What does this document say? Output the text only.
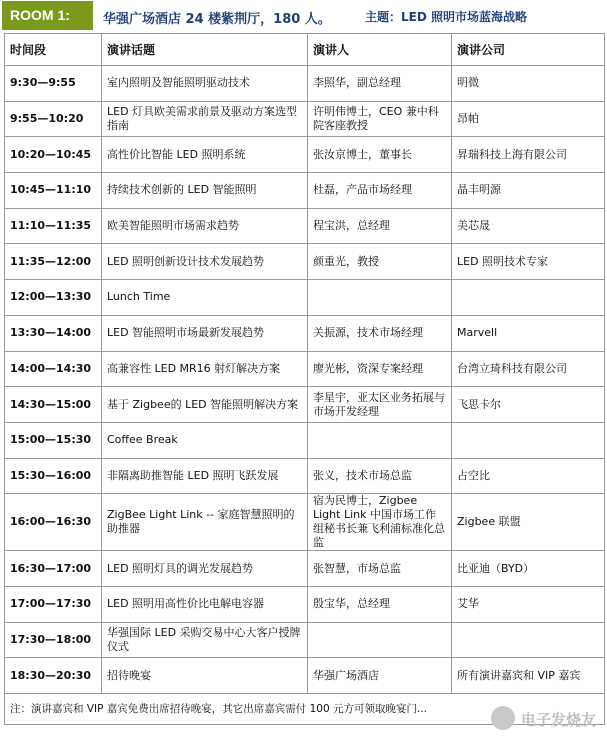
ROOM 1:	华强广场酒店 24 楼紫荆厅，180 人。	主题：LED 照明市场蓝海战略
时间段	演讲话题	演讲人	演讲公司
9:30—9:55	室内照明及智能照明驱动技术	李照华，副总经理	明微
9:55—10:20	LED 灯具欧美需求前景及驱动方案选型指南	许明伟博士，CEO 兼中科院客座教授	昂帕
10:20—10:45	高性价比智能 LED 照明系统	张汝京博士，董事长	昇瑞科技上海有限公司
10:45—11:10	持续技术创新的 LED 智能照明	杜磊，产品市场经理	晶丰明源
11:10—11:35	欧美智能照明市场需求趋势	程宝洪，总经理	美芯晟
11:35—12:00	LED 照明创新设计技术发展趋势	颜重光，教授	LED 照明技术专家
12:00—13:30	Lunch Time		
13:30—14:00	LED 智能照明市场最新发展趋势	关振源，技术市场经理	Marvell
14:00—14:30	高兼容性 LED MR16 射灯解决方案	廖光彬，资深专案经理	台湾立琦科技有限公司
14:30—15:00	基于 Zigbee的 LED 智能照明解决方案	李星宇，亚太区业务拓展与市场开发经理	飞思卡尔
15:00—15:30	Coffee Break		
15:30—16:00	非隔离助推智能 LED 照明飞跃发展	张义，技术市场总监	占空比
16:00—16:30	ZigBee Light Link -- 家庭智慧照明的助推器	宿为民博士，Zigbee Light Link 中国市场工作组秘书长兼飞利浦标准化总监	Zigbee 联盟
16:30—17:00	LED 照明灯具的调光发展趋势	张智慧，市场总监	比亚迪（BYD）
17:00—17:30	LED 照明用高性价比电解电容器	殷宝华，总经理	艾华
17:30—18:00	华强国际 LED 采购交易中心大客户授牌仪式		
18:30—20:30	招待晚宴	华强广场酒店	所有演讲嘉宾和 VIP 嘉宾
注：演讲嘉宾和 VIP 嘉宾免费出席招待晚宴，其它出席嘉宾需付 100 元方可领取晚宴门...			
电子发烧友
